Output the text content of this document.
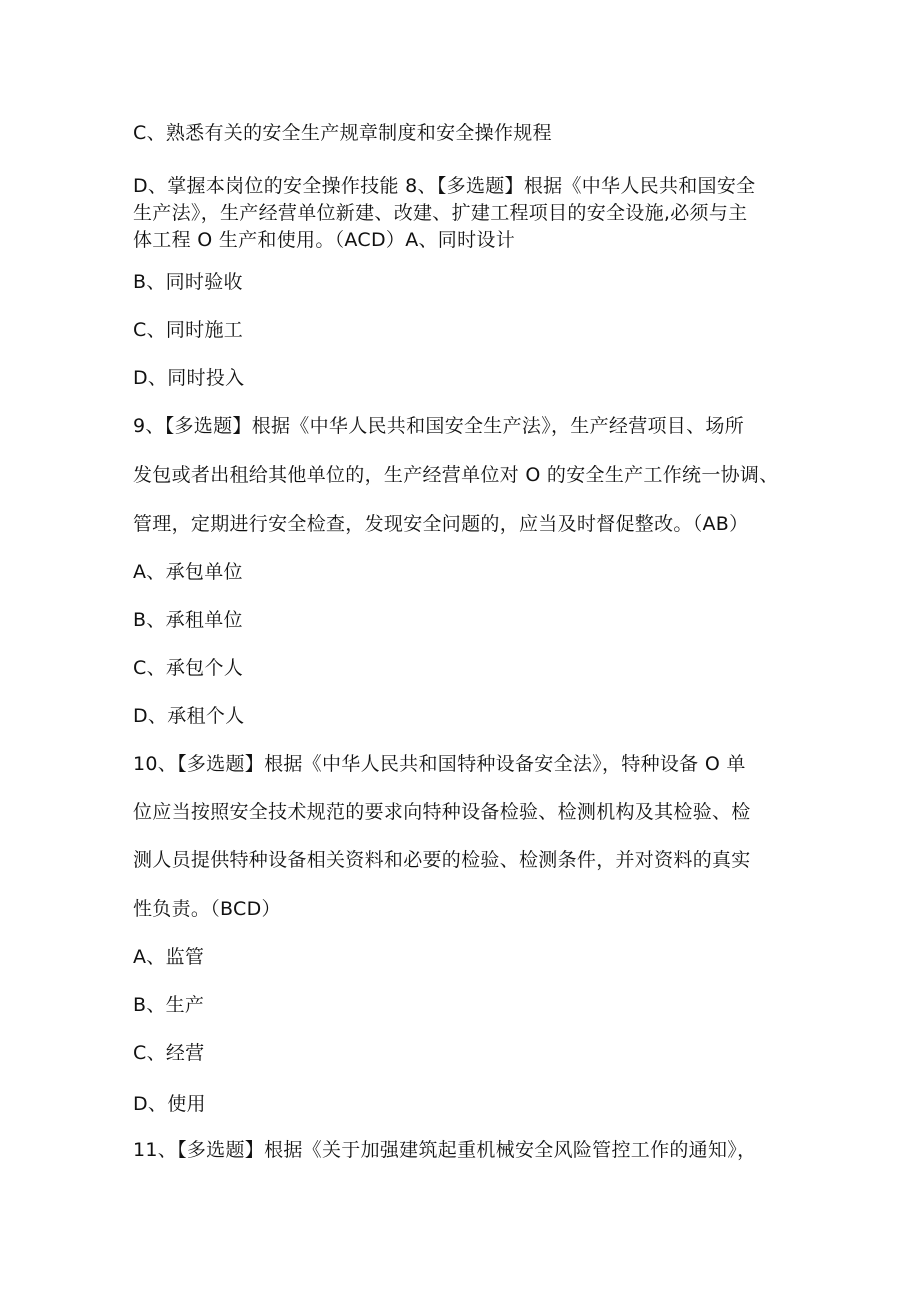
C、熟悉有关的安全生产规章制度和安全操作规程
D、掌握本岗位的安全操作技能 8、【多选题】根据《中华人民共和国安全
生产法》，生产经营单位新建、改建、扩建工程项目的安全设施,必须与主
体工程 O 生产和使用。（ACD）A、同时设计
B、同时验收
C、同时施工
D、同时投入
9、【多选题】根据《中华人民共和国安全生产法》，生产经营项目、场所
发包或者出租给其他单位的，生产经营单位对 O 的安全生产工作统一协调、
管理，定期进行安全检查，发现安全问题的，应当及时督促整改。（AB）
A、承包单位
B、承租单位
C、承包个人
D、承租个人
10、【多选题】根据《中华人民共和国特种设备安全法》，特种设备 O 单
位应当按照安全技术规范的要求向特种设备检验、检测机构及其检验、检
测人员提供特种设备相关资料和必要的检验、检测条件，并对资料的真实
性负责。（BCD）
A、监管
B、生产
C、经营
D、使用
11、【多选题】根据《关于加强建筑起重机械安全风险管控工作的通知》，
